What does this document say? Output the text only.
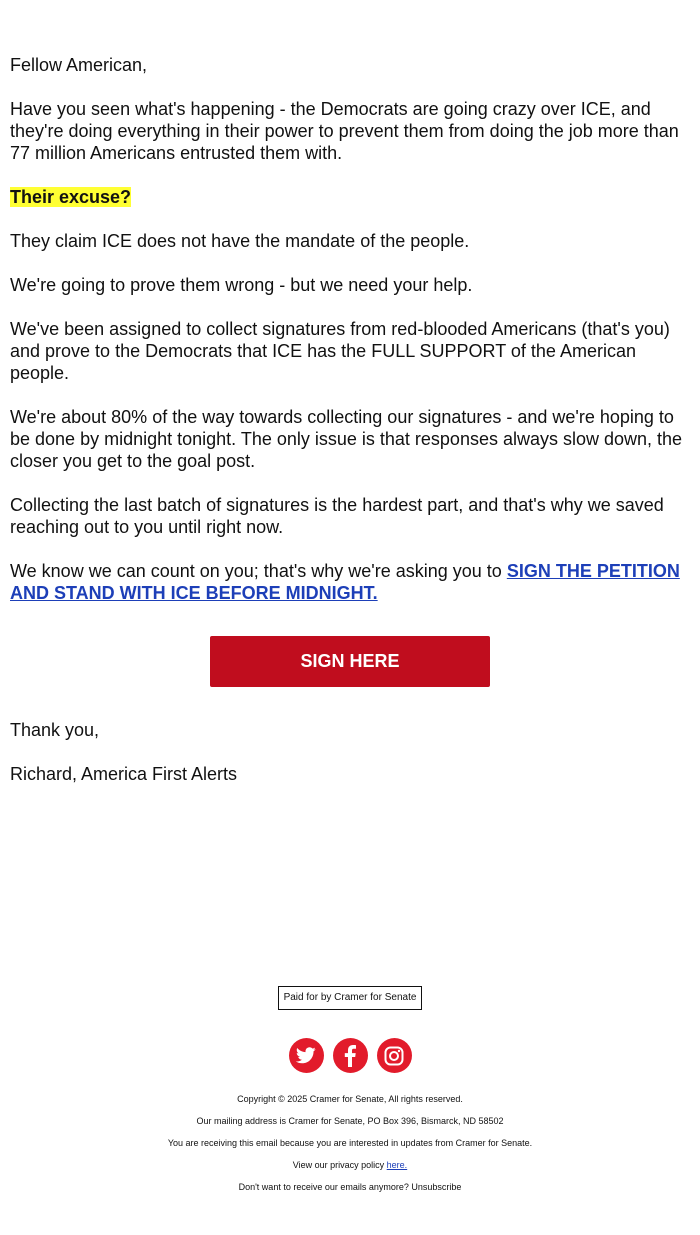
Fellow American,

Have you seen what's happening - the Democrats are going crazy over ICE, and they're doing everything in their power to prevent them from doing the job more than 77 million Americans entrusted them with.

Their excuse?

They claim ICE does not have the mandate of the people.

We're going to prove them wrong - but we need your help.

We've been assigned to collect signatures from red-blooded Americans (that's you) and prove to the Democrats that ICE has the FULL SUPPORT of the American people.

We're about 80% of the way towards collecting our signatures - and we're hoping to be done by midnight tonight. The only issue is that responses always slow down, the closer you get to the goal post.

Collecting the last batch of signatures is the hardest part, and that's why we saved reaching out to you until right now.

We know we can count on you; that's why we're asking you to SIGN THE PETITION AND STAND WITH ICE BEFORE MIDNIGHT.

SIGN HERE

Thank you,

Richard, America First Alerts

Paid for by Cramer for Senate
Copyright © 2025 Cramer for Senate, All rights reserved.
Our mailing address is Cramer for Senate, PO Box 396, Bismarck, ND 58502
You are receiving this email because you are interested in updates from Cramer for Senate.
View our privacy policy here.
Don't want to receive our emails anymore? Unsubscribe
